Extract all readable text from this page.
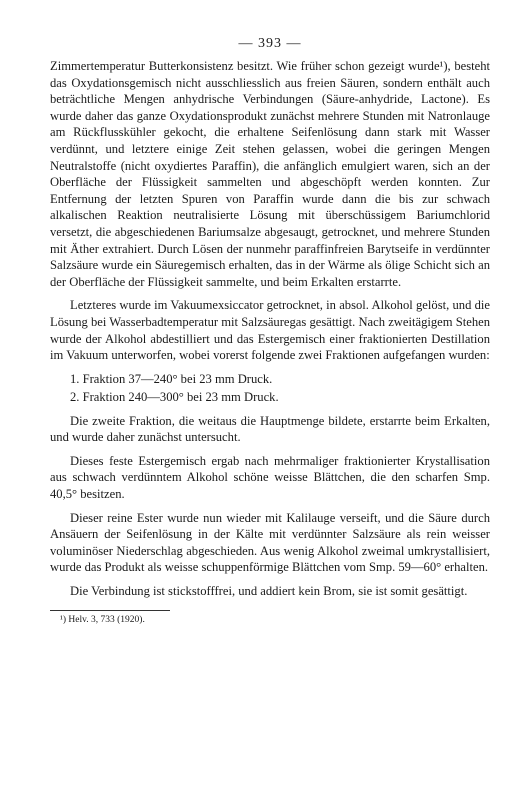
— 393 —

Zimmertemperatur Butterkonsistenz besitzt. Wie früher schon gezeigt wurde¹), besteht das Oxydationsgemisch nicht ausschliesslich aus freien Säuren, sondern enthält auch beträchtliche Mengen anhydrische Verbindungen (Säure-anhydride, Lactone). Es wurde daher das ganze Oxydationsprodukt zunächst mehrere Stunden mit Natronlauge am Rückflusskühler gekocht, die erhaltene Seifenlösung dann stark mit Wasser verdünnt, und letztere einige Zeit stehen gelassen, wobei die geringen Mengen Neutralstoffe (nicht oxydiertes Paraffin), die anfänglich emulgiert waren, sich an der Oberfläche der Flüssigkeit sammelten und abgeschöpft werden konnten. Zur Entfernung der letzten Spuren von Paraffin wurde dann die bis zur schwach alkalischen Reaktion neutralisierte Lösung mit überschüssigem Bariumchlorid versetzt, die abgeschiedenen Bariumsalze abgesaugt, getrocknet, und mehrere Stunden mit Äther extrahiert. Durch Lösen der nunmehr paraffinfreien Barytseife in verdünnter Salzsäure wurde ein Säuregemisch erhalten, das in der Wärme als ölige Schicht sich an der Oberfläche der Flüssigkeit sammelte, und beim Erkalten erstarrte.

Letzteres wurde im Vakuumexsiccator getrocknet, in absol. Alkohol gelöst, und die Lösung bei Wasserbadtemperatur mit Salzsäuregas gesättigt. Nach zweitägigem Stehen wurde der Alkohol abdestilliert und das Estergemisch einer fraktionierten Destillation im Vakuum unterworfen, wobei vorerst folgende zwei Fraktionen aufgefangen wurden:

1. Fraktion 37—240° bei 23 mm Druck.
2. Fraktion 240—300° bei 23 mm Druck.

Die zweite Fraktion, die weitaus die Hauptmenge bildete, erstarrte beim Erkalten, und wurde daher zunächst untersucht.

Dieses feste Estergemisch ergab nach mehrmaliger fraktionierter Krystallisation aus schwach verdünntem Alkohol schöne weisse Blättchen, die den scharfen Smp. 40,5° besitzen.

Dieser reine Ester wurde nun wieder mit Kalilauge verseift, und die Säure durch Ansäuern der Seifenlösung in der Kälte mit verdünnter Salzsäure als rein weisser voluminöser Niederschlag abgeschieden. Aus wenig Alkohol zweimal umkrystallisiert, wurde das Produkt als weisse schuppenförmige Blättchen vom Smp. 59—60° erhalten.

Die Verbindung ist stickstofffrei, und addiert kein Brom, sie ist somit gesättigt.

¹) Helv. 3, 733 (1920).
